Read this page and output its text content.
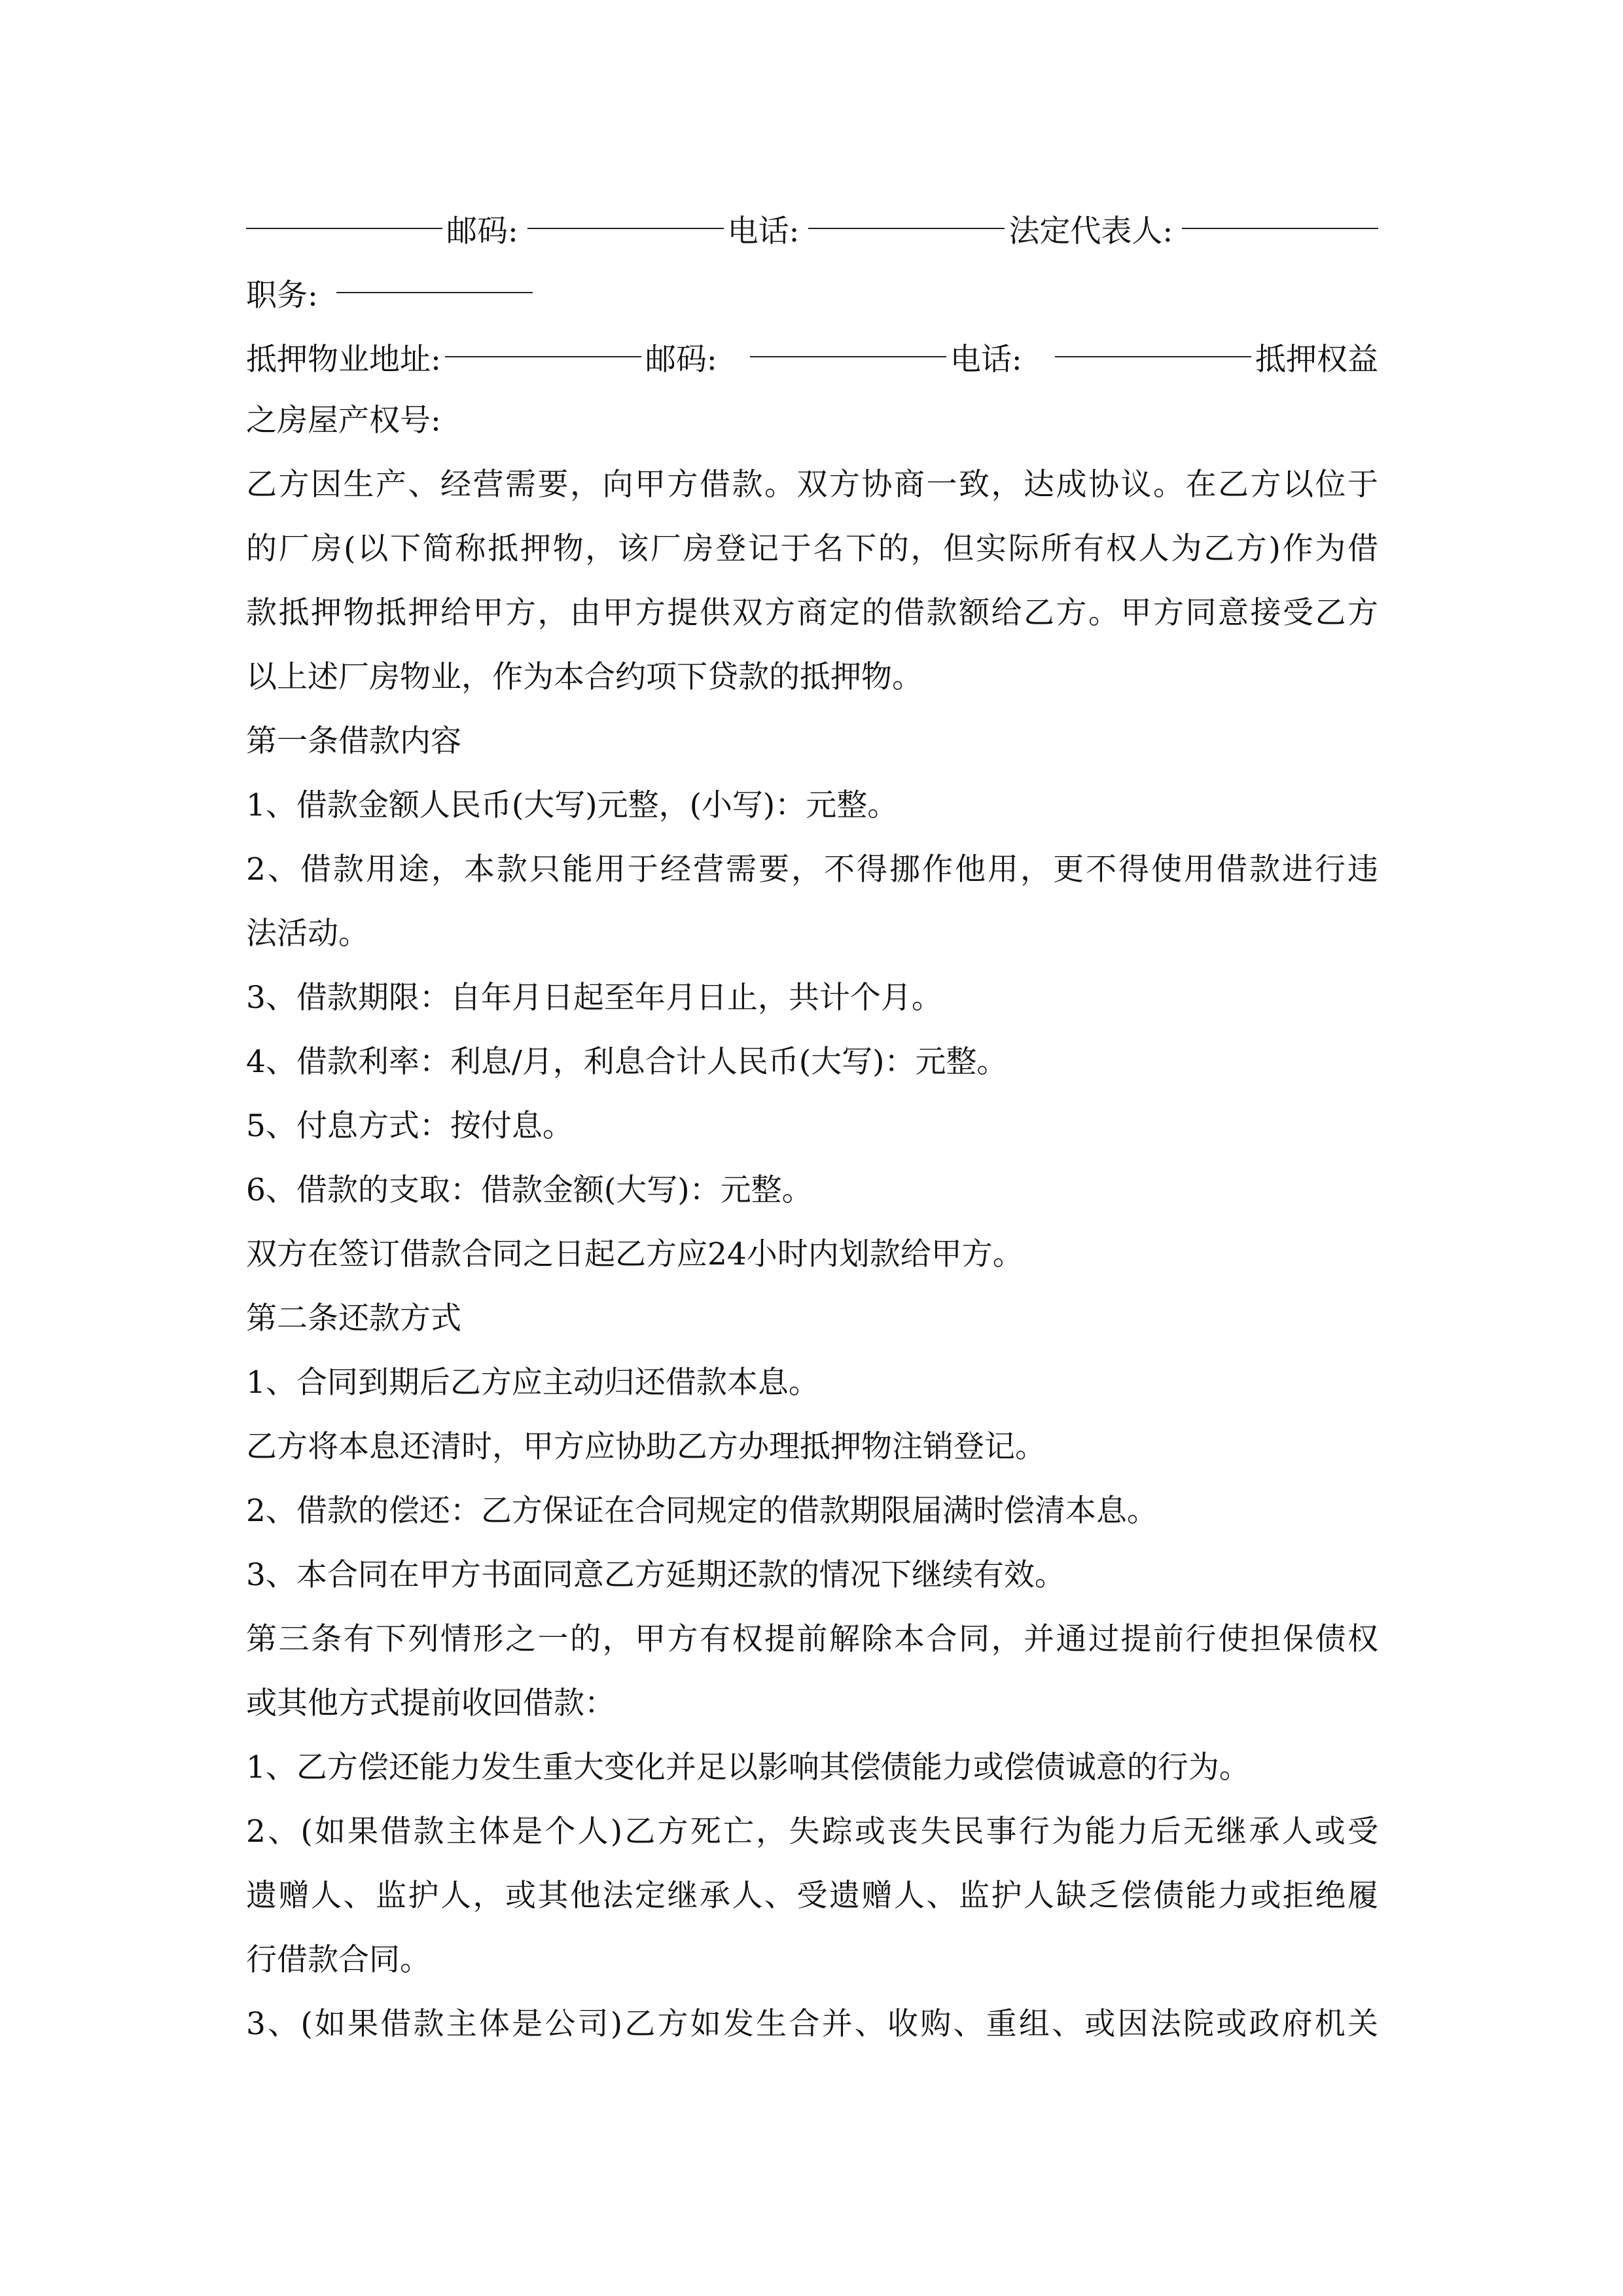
邮码:	电话:	法定代表人:
职务:
抵押物业地址:	邮码:	电话:	抵押权益
之房屋产权号:
乙方因生产、经营需要，向甲方借款。双方协商一致，达成协议。在乙方以位于
的厂房(以下简称抵押物，该厂房登记于名下的，但实际所有权人为乙方)作为借
款抵押物抵押给甲方，由甲方提供双方商定的借款额给乙方。甲方同意接受乙方
以上述厂房物业，作为本合约项下贷款的抵押物。
第一条借款内容
1、借款金额人民币(大写)元整，(小写)：元整。
2、借款用途，本款只能用于经营需要，不得挪作他用，更不得使用借款进行违
法活动。
3、借款期限：自年月日起至年月日止，共计个月。
4、借款利率：利息/月，利息合计人民币(大写)：元整。
5、付息方式：按付息。
6、借款的支取：借款金额(大写)：元整。
双方在签订借款合同之日起乙方应24小时内划款给甲方。
第二条还款方式
1、合同到期后乙方应主动归还借款本息。
乙方将本息还清时，甲方应协助乙方办理抵押物注销登记。
2、借款的偿还：乙方保证在合同规定的借款期限届满时偿清本息。
3、本合同在甲方书面同意乙方延期还款的情况下继续有效。
第三条有下列情形之一的，甲方有权提前解除本合同，并通过提前行使担保债权
或其他方式提前收回借款：
1、乙方偿还能力发生重大变化并足以影响其偿债能力或偿债诚意的行为。
2、(如果借款主体是个人)乙方死亡，失踪或丧失民事行为能力后无继承人或受
遗赠人、监护人，或其他法定继承人、受遗赠人、监护人缺乏偿债能力或拒绝履
行借款合同。
3、(如果借款主体是公司)乙方如发生合并、收购、重组、或因法院或政府机关
